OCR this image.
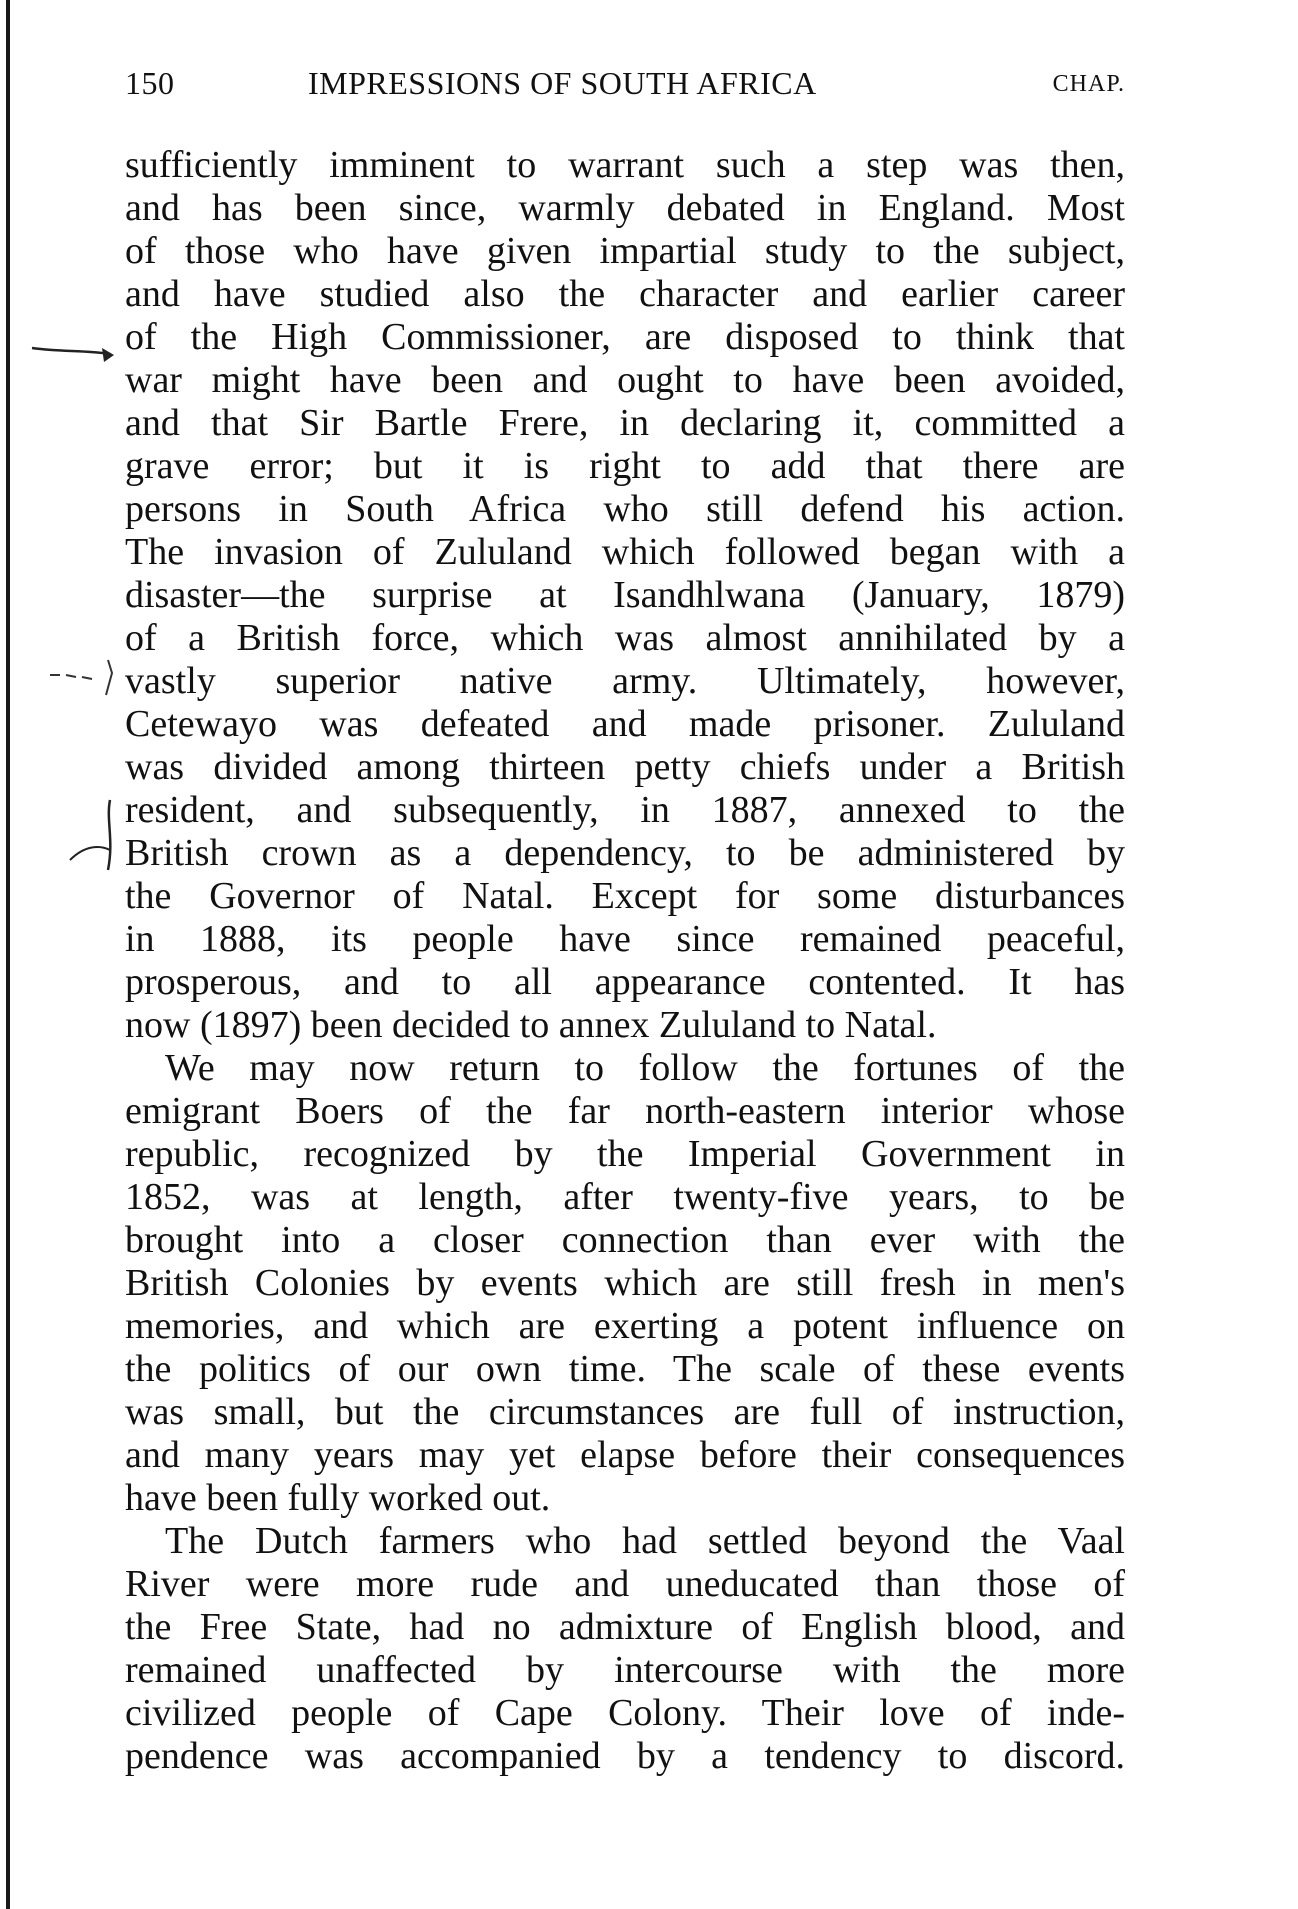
150	IMPRESSIONS OF SOUTH AFRICA	CHAP.
sufficiently imminent to warrant such a step was then,
and has been since, warmly debated in England. Most
of those who have given impartial study to the subject,
and have studied also the character and earlier career
of the High Commissioner, are disposed to think that
war might have been and ought to have been avoided,
and that Sir Bartle Frere, in declaring it, committed a
grave error; but it is right to add that there are
persons in South Africa who still defend his action.
The invasion of Zululand which followed began with a
disaster—the surprise at Isandhlwana (January, 1879)
of a British force, which was almost annihilated by a
vastly superior native army. Ultimately, however,
Cetewayo was defeated and made prisoner. Zululand
was divided among thirteen petty chiefs under a British
resident, and subsequently, in 1887, annexed to the
British crown as a dependency, to be administered by
the Governor of Natal. Except for some disturbances
in 1888, its people have since remained peaceful,
prosperous, and to all appearance contented. It has
now (1897) been decided to annex Zululand to Natal.
We may now return to follow the fortunes of the
emigrant Boers of the far north-eastern interior whose
republic, recognized by the Imperial Government in
1852, was at length, after twenty-five years, to be
brought into a closer connection than ever with the
British Colonies by events which are still fresh in men's
memories, and which are exerting a potent influence on
the politics of our own time. The scale of these events
was small, but the circumstances are full of instruction,
and many years may yet elapse before their consequences
have been fully worked out.
The Dutch farmers who had settled beyond the Vaal
River were more rude and uneducated than those of
the Free State, had no admixture of English blood, and
remained unaffected by intercourse with the more
civilized people of Cape Colony. Their love of inde-
pendence was accompanied by a tendency to discord.
